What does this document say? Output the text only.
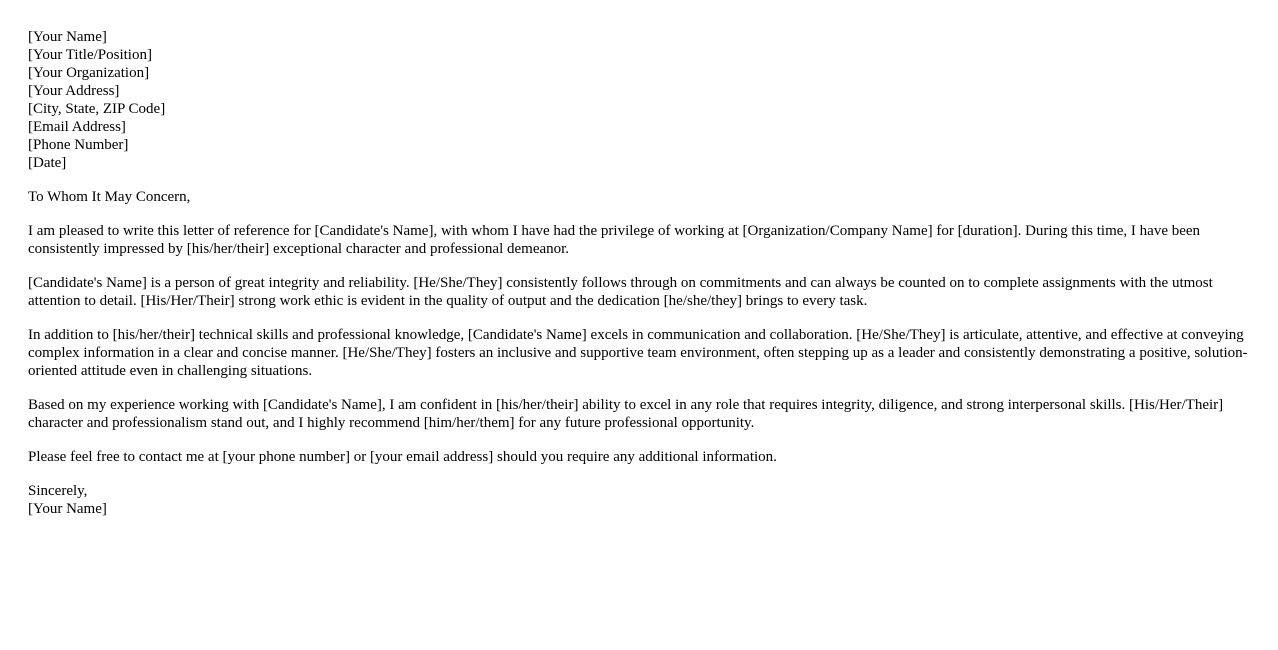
[Your Name]
[Your Title/Position]
[Your Organization]
[Your Address]
[City, State, ZIP Code]
[Email Address]
[Phone Number]
[Date]

To Whom It May Concern,

I am pleased to write this letter of reference for [Candidate's Name], with whom I have had the privilege of working at [Organization/Company Name] for [duration]. During this time, I have been consistently impressed by [his/her/their] exceptional character and professional demeanor.

[Candidate's Name] is a person of great integrity and reliability. [He/She/They] consistently follows through on commitments and can always be counted on to complete assignments with the utmost attention to detail. [His/Her/Their] strong work ethic is evident in the quality of output and the dedication [he/she/they] brings to every task.

In addition to [his/her/their] technical skills and professional knowledge, [Candidate's Name] excels in communication and collaboration. [He/She/They] is articulate, attentive, and effective at conveying complex information in a clear and concise manner. [He/She/They] fosters an inclusive and supportive team environment, often stepping up as a leader and consistently demonstrating a positive, solution-oriented attitude even in challenging situations.

Based on my experience working with [Candidate's Name], I am confident in [his/her/their] ability to excel in any role that requires integrity, diligence, and strong interpersonal skills. [His/Her/Their] character and professionalism stand out, and I highly recommend [him/her/them] for any future professional opportunity.

Please feel free to contact me at [your phone number] or [your email address] should you require any additional information.

Sincerely,
[Your Name]
